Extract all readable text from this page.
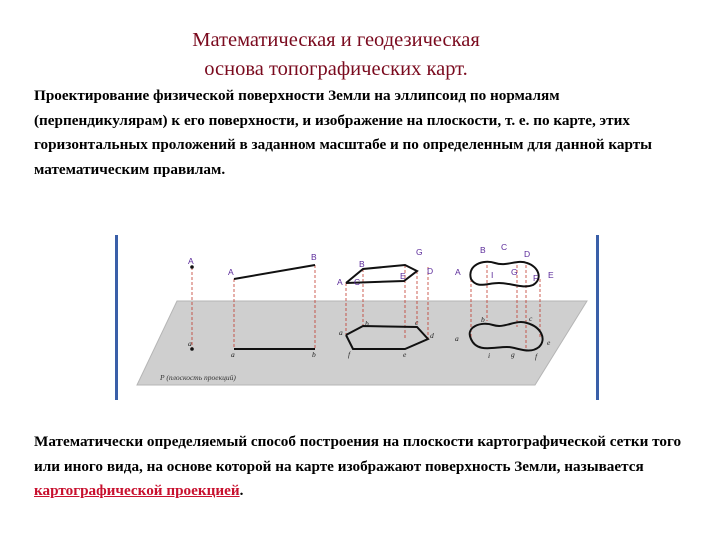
Математическая и геодезическая
основа топографических карт.
Проектирование физической поверхности Земли на эллипсоид по нормалям (перпендикулярам) к его поверхности, и изображение на плоскости, т. е. по карте, этих горизонтальных проложений в заданном масштабе и по определенным для данной карты математическим правилам.
P (плоскость проекций)
A
a
A
B
a	b
A
B
C
G
E	D
a
b	c
d
e
f
A
B C
D
E
F
G
I
a
b	c
e
f
g
i
Математически определяемый способ построения на плоскости картографической сетки того или иного вида, на основе которой на карте изображают поверхность Земли, называется картографической проекцией.
